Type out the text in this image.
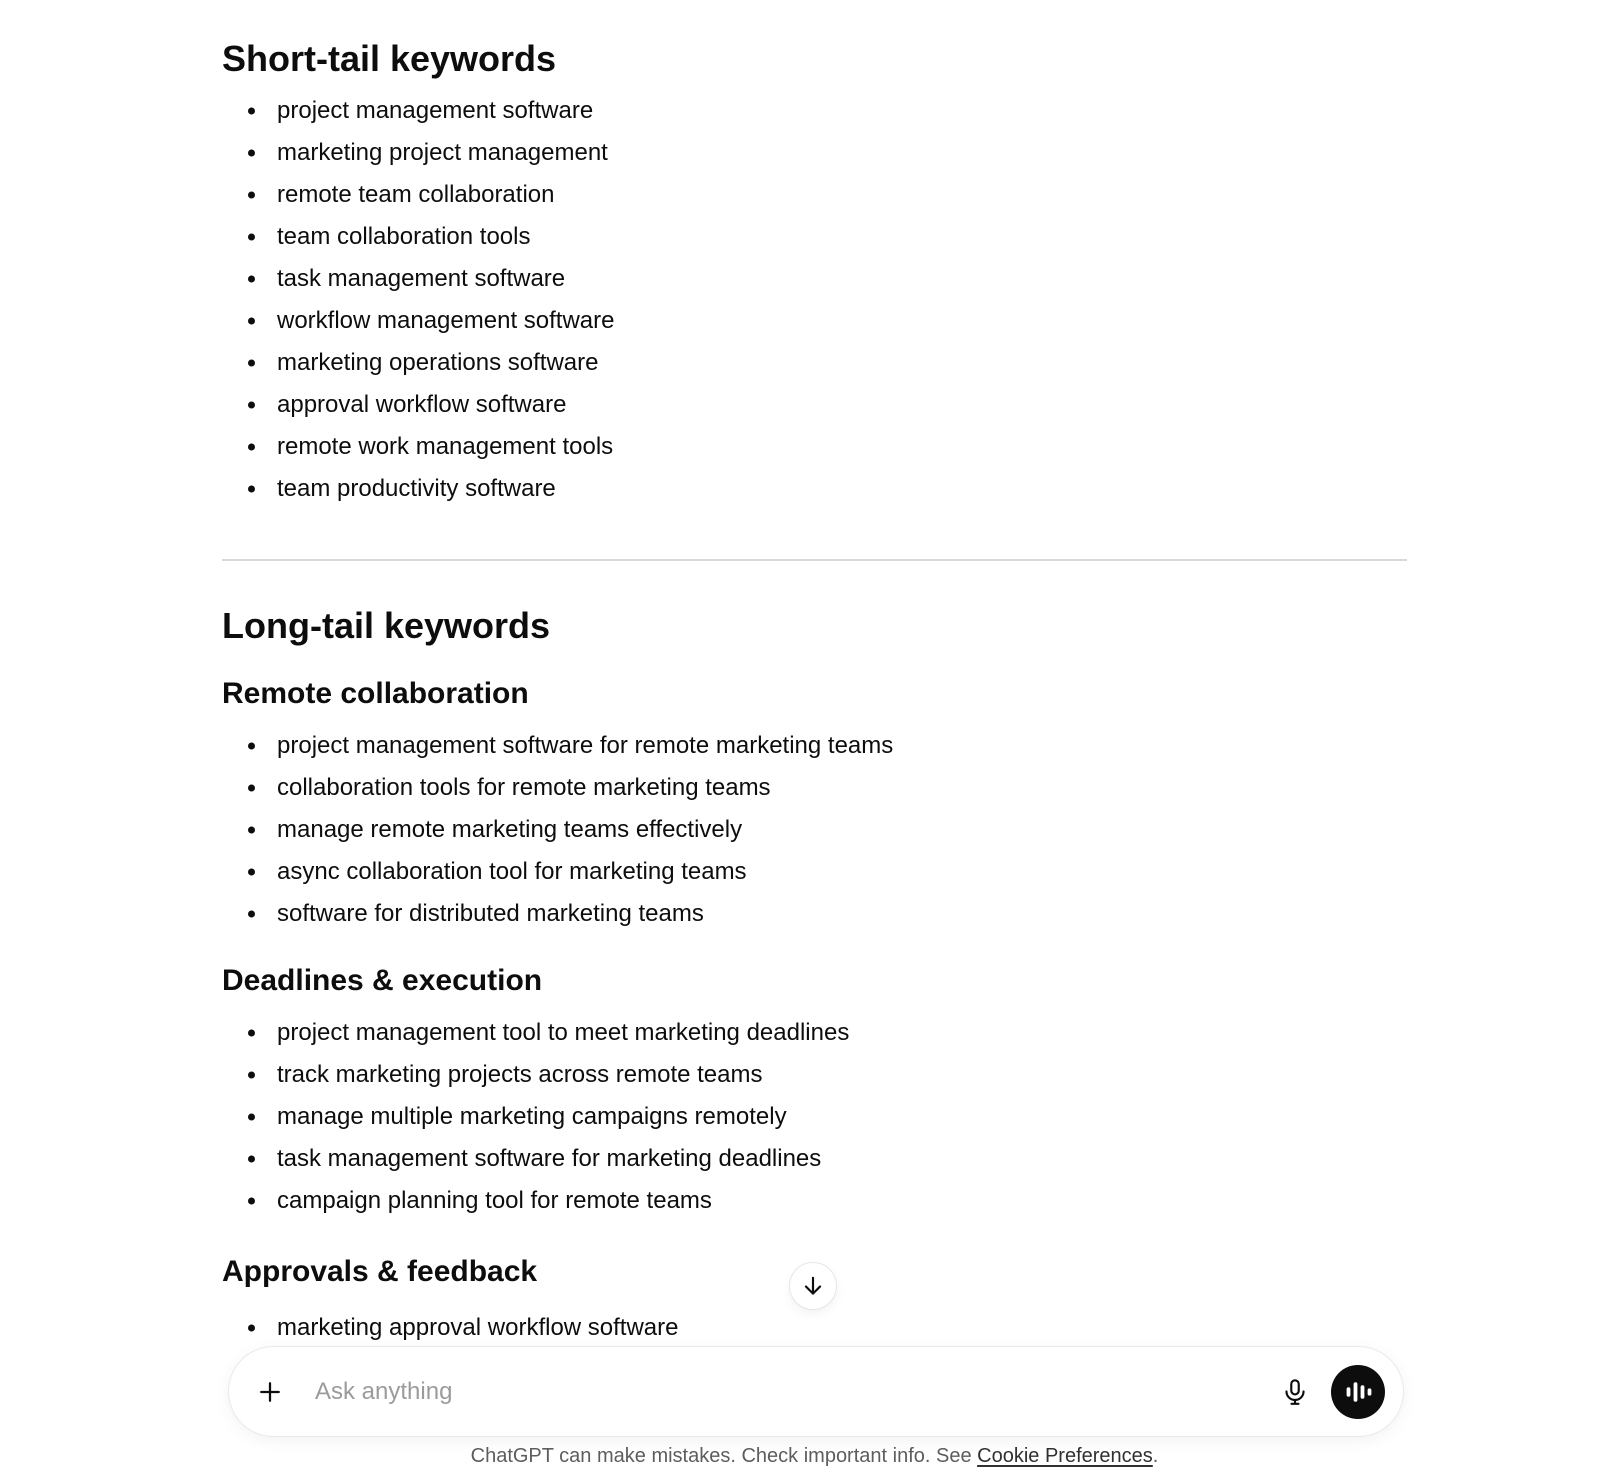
Short-tail keywords
project management software
marketing project management
remote team collaboration
team collaboration tools
task management software
workflow management software
marketing operations software
approval workflow software
remote work management tools
team productivity software
Long-tail keywords
Remote collaboration
project management software for remote marketing teams
collaboration tools for remote marketing teams
manage remote marketing teams effectively
async collaboration tool for marketing teams
software for distributed marketing teams
Deadlines & execution
project management tool to meet marketing deadlines
track marketing projects across remote teams
manage multiple marketing campaigns remotely
task management software for marketing deadlines
campaign planning tool for remote teams
Approvals & feedback
marketing approval workflow software
Ask anything
ChatGPT can make mistakes. Check important info. See Cookie Preferences.
